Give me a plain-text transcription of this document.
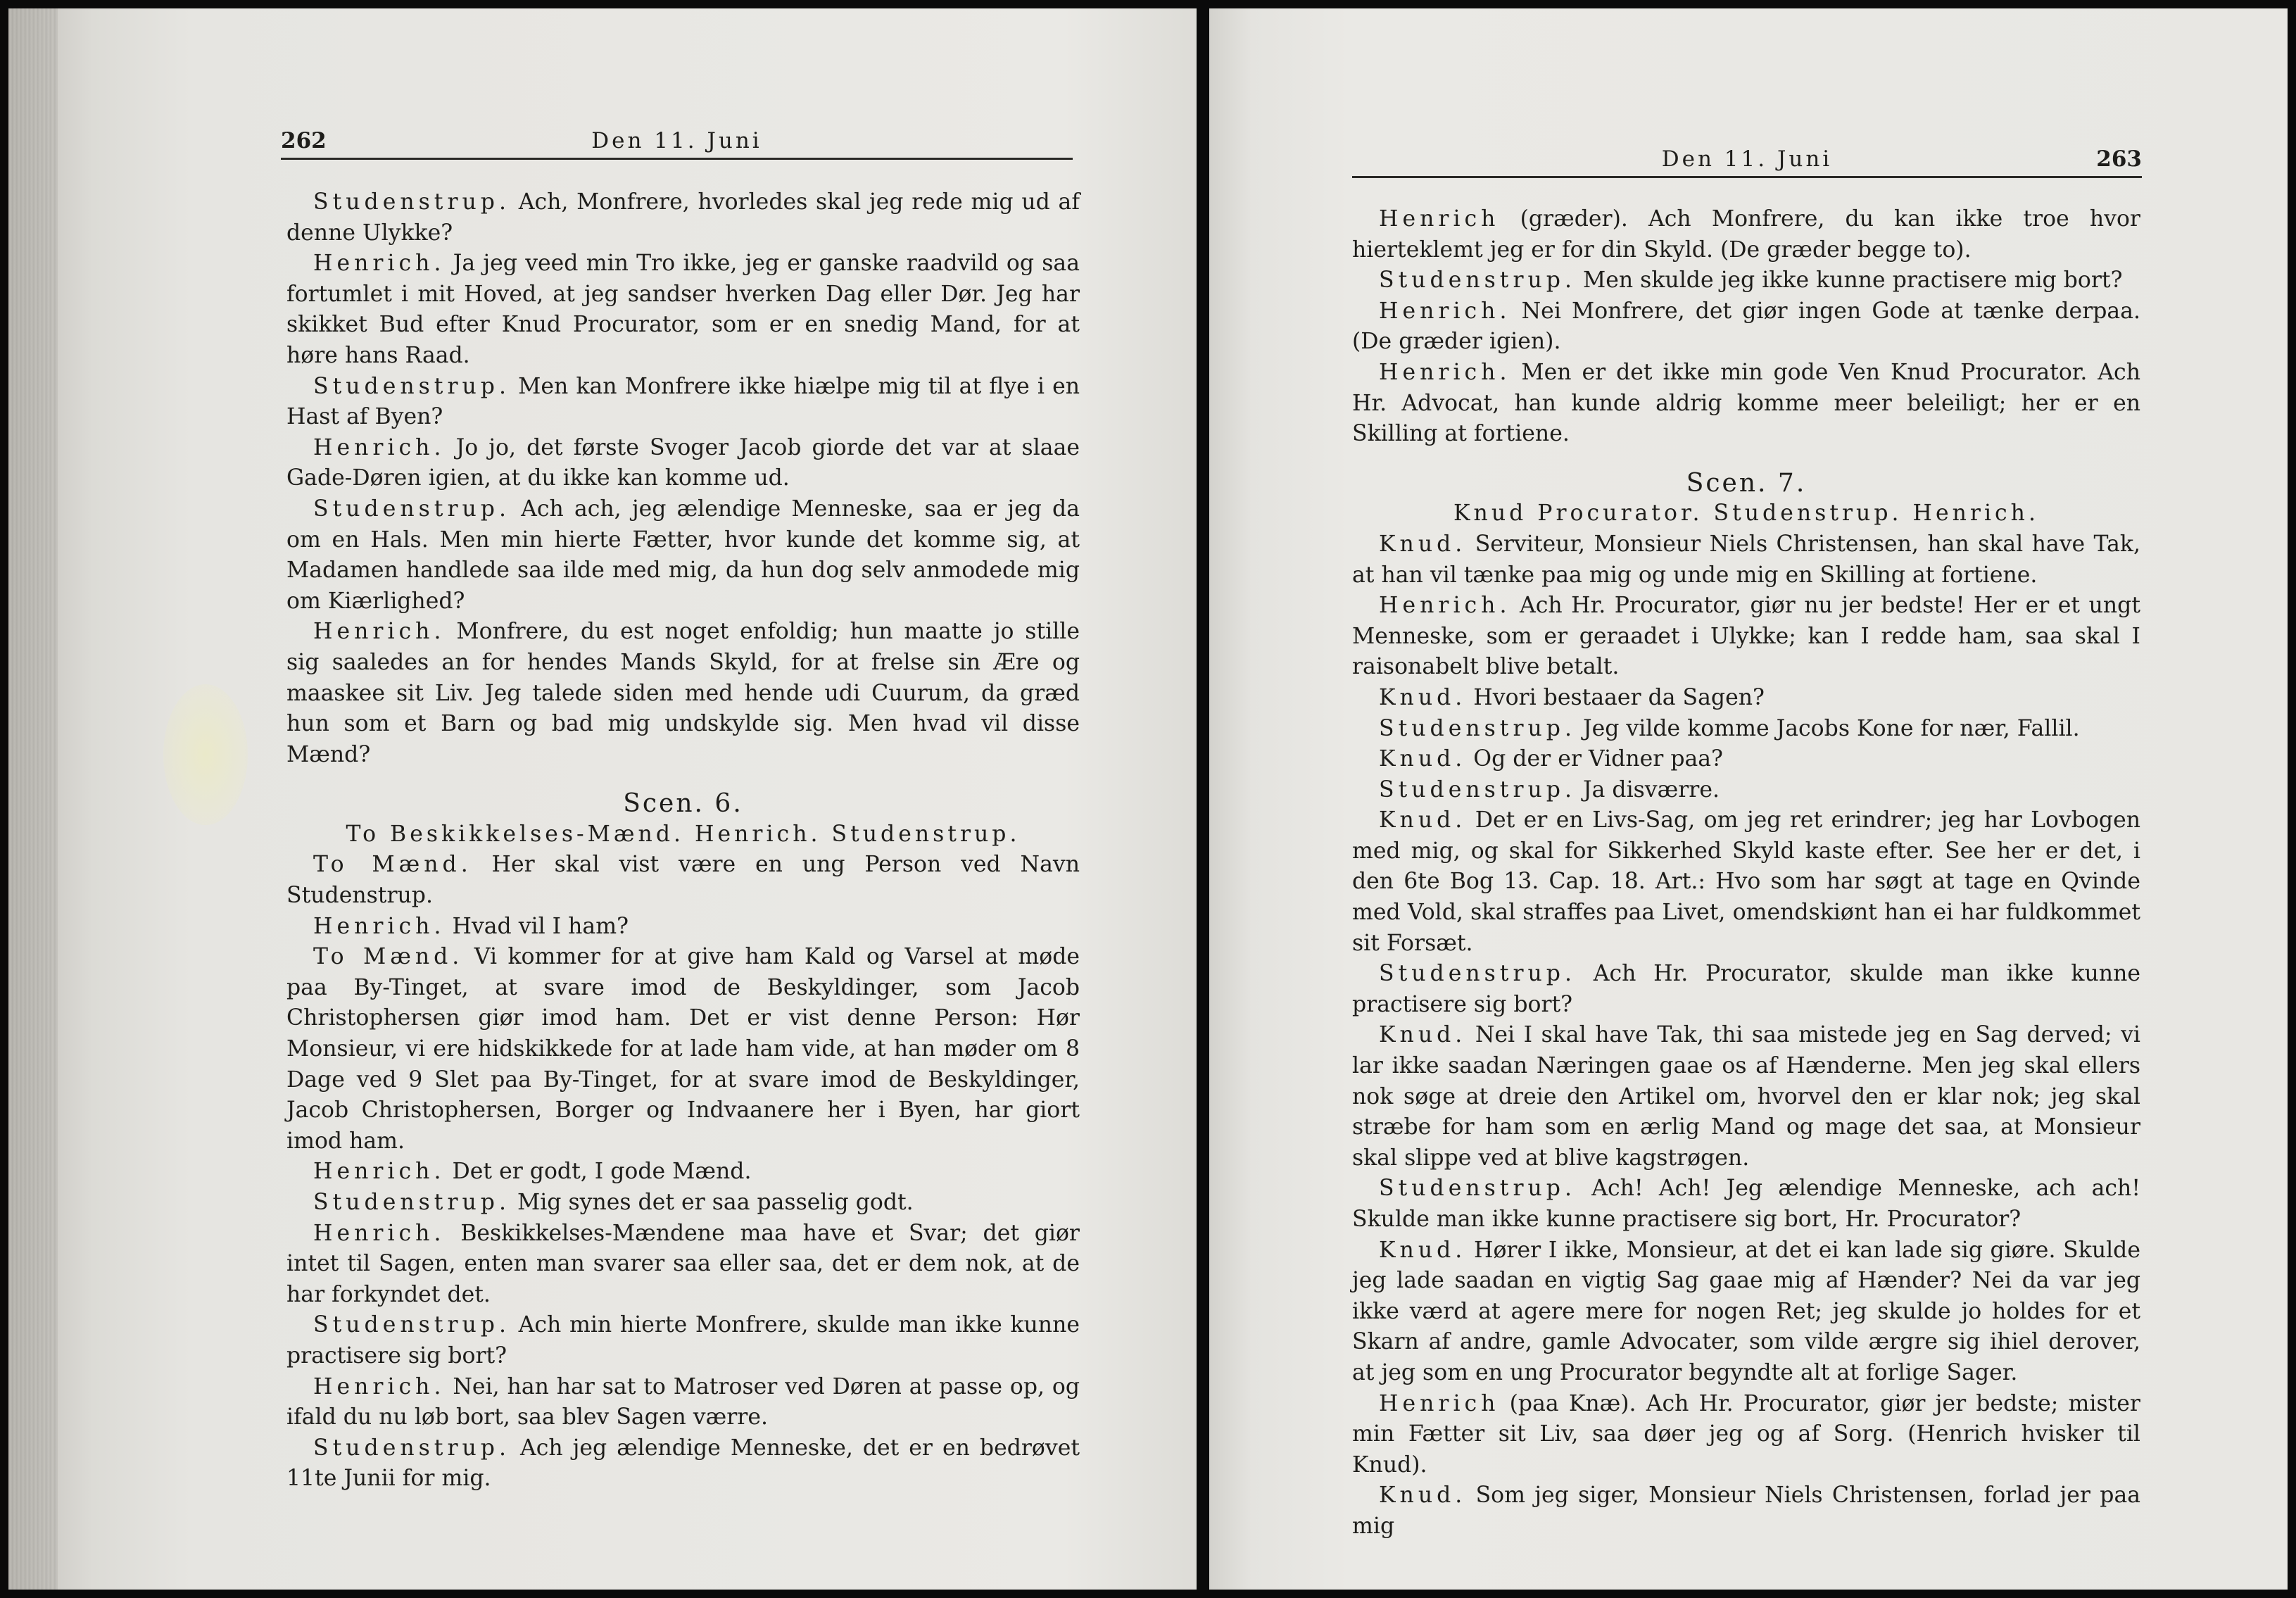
262	Den 11. Juni

Studenstrup. Ach, Monfrere, hvorledes skal jeg rede mig ud af denne Ulykke?

Henrich. Ja jeg veed min Tro ikke, jeg er ganske raadvild og saa fortumlet i mit Hoved, at jeg sandser hverken Dag eller Dør. Jeg har skikket Bud efter Knud Procurator, som er en snedig Mand, for at høre hans Raad.

Studenstrup. Men kan Monfrere ikke hiælpe mig til at flye i en Hast af Byen?

Henrich. Jo jo, det første Svoger Jacob giorde det var at slaae Gade-Døren igien, at du ikke kan komme ud.

Studenstrup. Ach ach, jeg ælendige Menneske, saa er jeg da om en Hals. Men min hierte Fætter, hvor kunde det komme sig, at Madamen handlede saa ilde med mig, da hun dog selv anmodede mig om Kiærlighed?

Henrich. Monfrere, du est noget enfoldig; hun maatte jo stille sig saaledes an for hendes Mands Skyld, for at frelse sin Ære og maaskee sit Liv. Jeg talede siden med hende udi Cuurum, da græd hun som et Barn og bad mig undskylde sig. Men hvad vil disse Mænd?

Scen. 6.

To Beskikkelses-Mænd. Henrich. Studenstrup.

To Mænd. Her skal vist være en ung Person ved Navn Studenstrup.

Henrich. Hvad vil I ham?

To Mænd. Vi kommer for at give ham Kald og Varsel at møde paa By-Tinget, at svare imod de Beskyldinger, som Jacob Christophersen giør imod ham. Det er vist denne Person: Hør Monsieur, vi ere hidskikkede for at lade ham vide, at han møder om 8 Dage ved 9 Slet paa By-Tinget, for at svare imod de Beskyldinger, Jacob Christophersen, Borger og Indvaanere her i Byen, har giort imod ham.

Henrich. Det er godt, I gode Mænd.

Studenstrup. Mig synes det er saa passelig godt.

Henrich. Beskikkelses-Mændene maa have et Svar; det giør intet til Sagen, enten man svarer saa eller saa, det er dem nok, at de har forkyndet det.

Studenstrup. Ach min hierte Monfrere, skulde man ikke kunne practisere sig bort?

Henrich. Nei, han har sat to Matroser ved Døren at passe op, og ifald du nu løb bort, saa blev Sagen værre.

Studenstrup. Ach jeg ælendige Menneske, det er en bedrøvet 11te Junii for mig.

Den 11. Juni	263

Henrich (græder). Ach Monfrere, du kan ikke troe hvor hierteklemt jeg er for din Skyld. (De græder begge to).

Studenstrup. Men skulde jeg ikke kunne practisere mig bort?

Henrich. Nei Monfrere, det giør ingen Gode at tænke derpaa. (De græder igien).

Henrich. Men er det ikke min gode Ven Knud Procurator. Ach Hr. Advocat, han kunde aldrig komme meer beleiligt; her er en Skilling at fortiene.

Scen. 7.

Knud Procurator. Studenstrup. Henrich.

Knud. Serviteur, Monsieur Niels Christensen, han skal have Tak, at han vil tænke paa mig og unde mig en Skilling at fortiene.

Henrich. Ach Hr. Procurator, giør nu jer bedste! Her er et ungt Menneske, som er geraadet i Ulykke; kan I redde ham, saa skal I raisonabelt blive betalt.

Knud. Hvori bestaaer da Sagen?

Studenstrup. Jeg vilde komme Jacobs Kone for nær, Fallil.

Knud. Og der er Vidner paa?

Studenstrup. Ja disværre.

Knud. Det er en Livs-Sag, om jeg ret erindrer; jeg har Lovbogen med mig, og skal for Sikkerhed Skyld kaste efter. See her er det, i den 6te Bog 13. Cap. 18. Art.: Hvo som har søgt at tage en Qvinde med Vold, skal straffes paa Livet, omendskiønt han ei har fuldkommet sit Forsæt.

Studenstrup. Ach Hr. Procurator, skulde man ikke kunne practisere sig bort?

Knud. Nei I skal have Tak, thi saa mistede jeg en Sag derved; vi lar ikke saadan Næringen gaae os af Hænderne. Men jeg skal ellers nok søge at dreie den Artikel om, hvorvel den er klar nok; jeg skal stræbe for ham som en ærlig Mand og mage det saa, at Monsieur skal slippe ved at blive kagstrøgen.

Studenstrup. Ach! Ach! Jeg ælendige Menneske, ach ach! Skulde man ikke kunne practisere sig bort, Hr. Procurator?

Knud. Hører I ikke, Monsieur, at det ei kan lade sig giøre. Skulde jeg lade saadan en vigtig Sag gaae mig af Hænder? Nei da var jeg ikke værd at agere mere for nogen Ret; jeg skulde jo holdes for et Skarn af andre, gamle Advocater, som vilde ærgre sig ihiel derover, at jeg som en ung Procurator begyndte alt at forlige Sager.

Henrich (paa Knæ). Ach Hr. Procurator, giør jer bedste; mister min Fætter sit Liv, saa døer jeg og af Sorg. (Henrich hvisker til Knud).

Knud. Som jeg siger, Monsieur Niels Christensen, forlad jer paa mig
